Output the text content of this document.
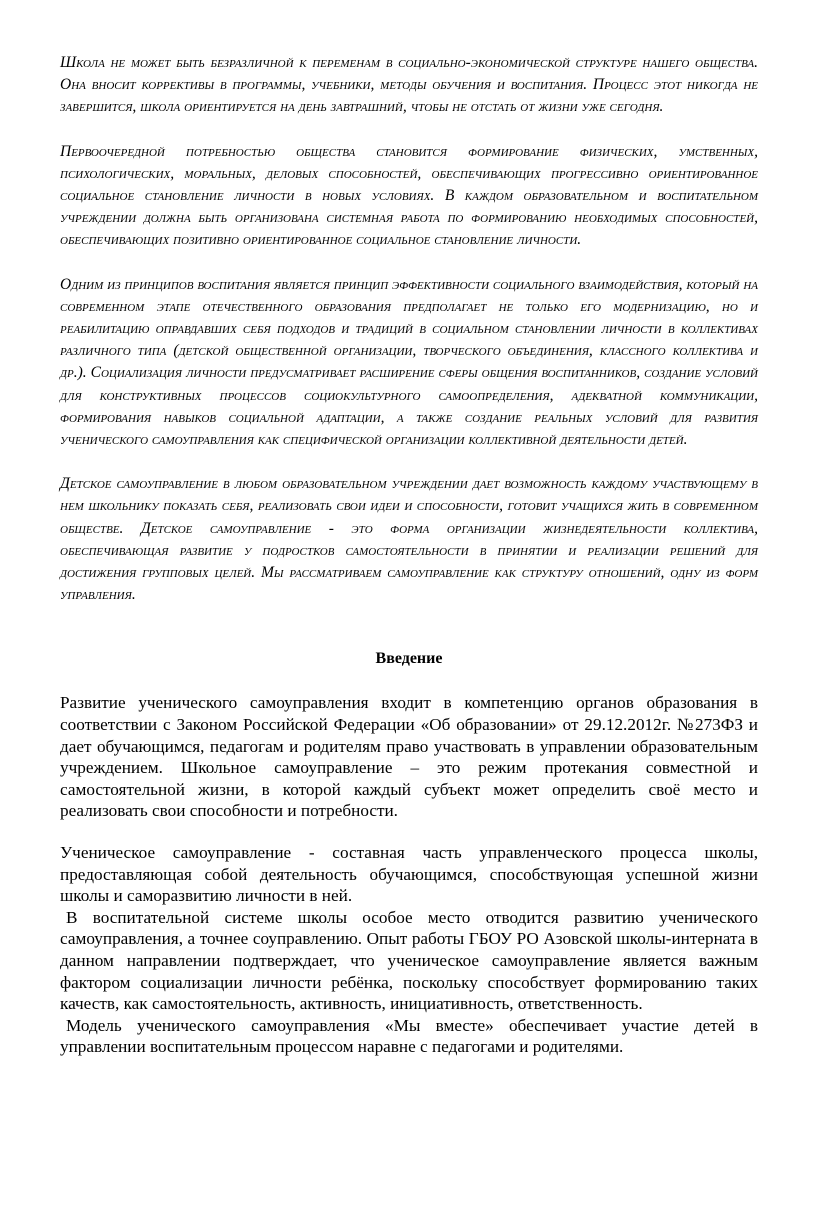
Школа не может быть безразличной к переменам в социально-экономической структуре нашего общества. Она вносит коррективы в программы, учебники, методы обучения и воспитания. Процесс этот никогда не завершится, школа ориентируется на день завтрашний, чтобы не отстать от жизни уже сегодня.

Первоочередной потребностью общества становится формирование физических, умственных, психологических, моральных, деловых способностей, обеспечивающих прогрессивно ориентированное социальное становление личности в новых условиях. В каждом образовательном и воспитательном учреждении должна быть организована системная работа по формированию необходимых способностей, обеспечивающих позитивно ориентированное социальное становление личности.

Одним из принципов воспитания является принцип эффективности социального взаимодействия, который на современном этапе отечественного образования предполагает не только его модернизацию, но и реабилитацию оправдавших себя подходов и традиций в социальном становлении личности в коллективах различного типа (детской общественной организации, творческого объединения, классного коллектива и др.). Социализация личности предусматривает расширение сферы общения воспитанников, создание условий для конструктивных процессов социокультурного самоопределения, адекватной коммуникации, формирования навыков социальной адаптации, а также создание реальных условий для развития ученического самоуправления как специфической организации коллективной деятельности детей.

Детское самоуправление в любом образовательном учреждении дает возможность каждому участвующему в нем школьнику показать себя, реализовать свои идеи и способности, готовит учащихся жить в современном обществе. Детское самоуправление - это форма организации жизнедеятельности коллектива, обеспечивающая развитие у подростков самостоятельности в принятии и реализации решений для достижения групповых целей. Мы рассматриваем самоуправление как структуру отношений, одну из форм управления.

Введение

Развитие ученического самоуправления входит в компетенцию органов образования в соответствии с Законом Российской Федерации «Об образовании» от 29.12.2012г. №273ФЗ и дает обучающимся, педагогам и родителям право участвовать в управлении образовательным учреждением. Школьное самоуправление – это режим протекания совместной и самостоятельной жизни, в которой каждый субъект может определить своё место и реализовать свои способности и потребности.

Ученическое самоуправление - составная часть управленческого процесса школы, предоставляющая собой деятельность обучающимся, способствующая успешной жизни школы и саморазвитию личности в ней.

В воспитательной системе школы особое место отводится развитию ученического самоуправления, а точнее соуправлению. Опыт работы ГБОУ РО Азовской школы-интерната в данном направлении подтверждает, что ученическое самоуправление является важным фактором социализации личности ребёнка, поскольку способствует формированию таких качеств, как самостоятельность, активность, инициативность, ответственность.

Модель ученического самоуправления «Мы вместе» обеспечивает участие детей в управлении воспитательным процессом наравне с педагогами и родителями.
